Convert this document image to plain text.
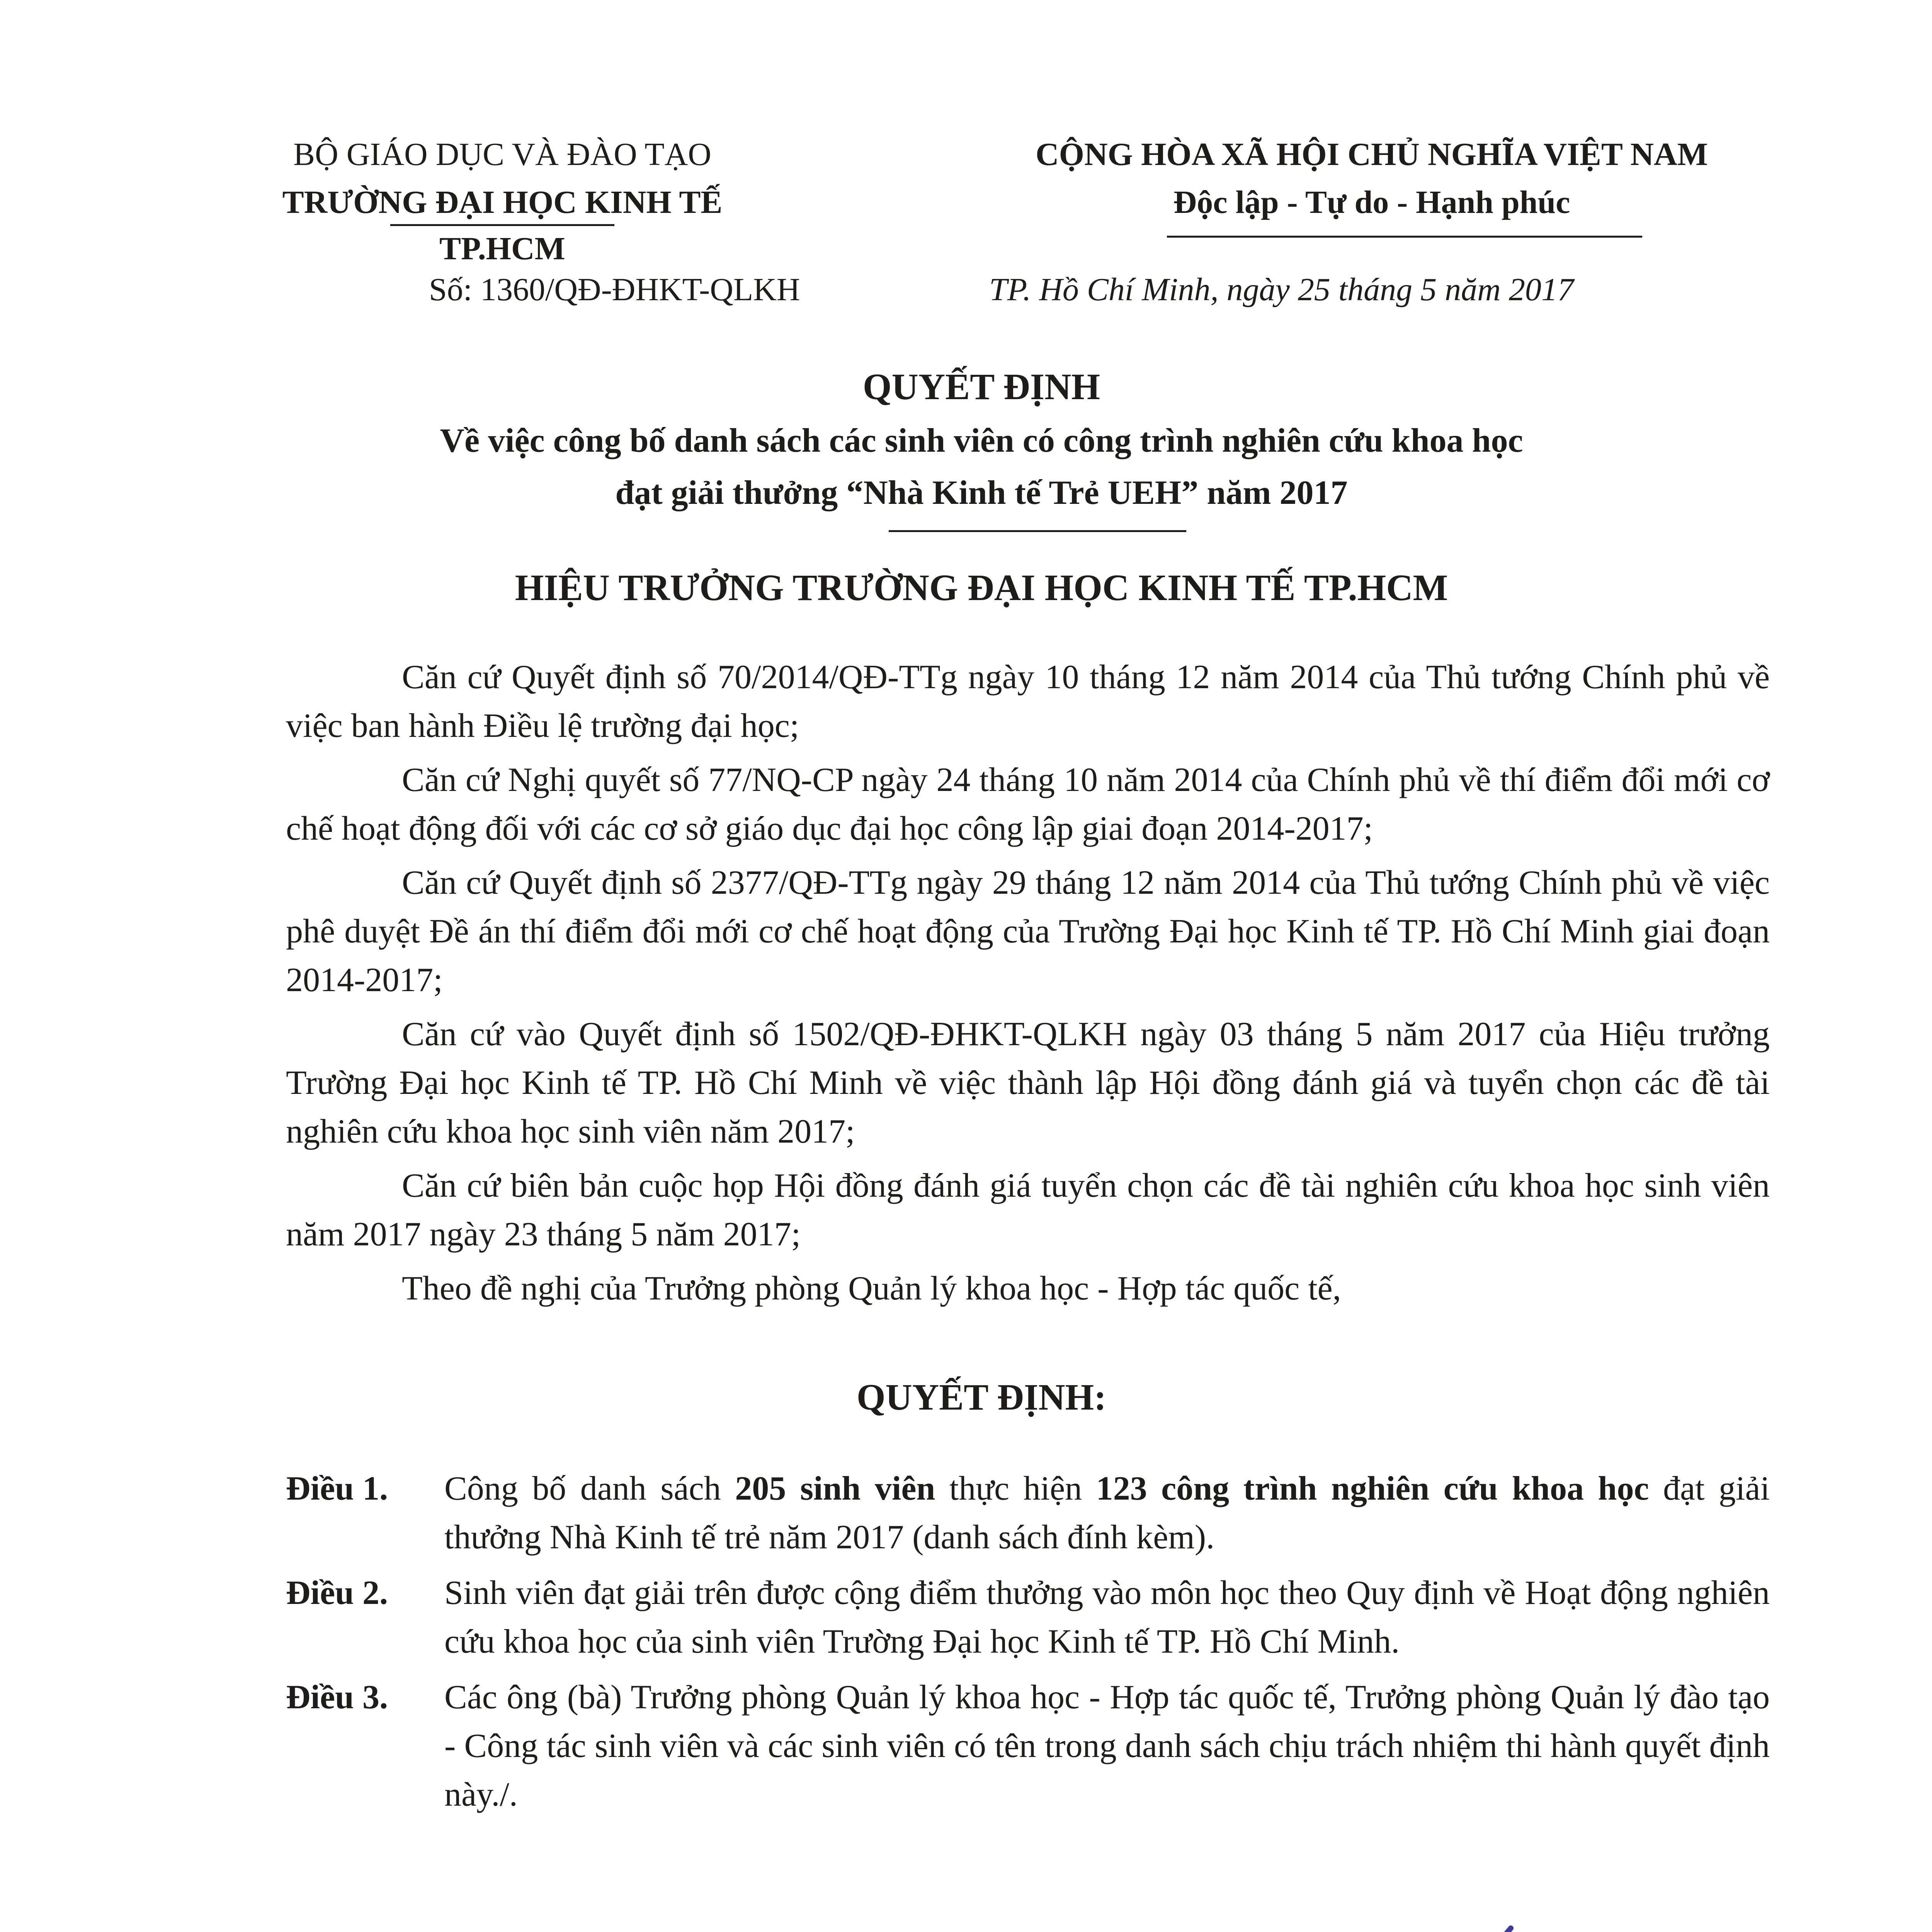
BỘ GIÁO DỤC VÀ ĐÀO TẠO
TRƯỜNG ĐẠI HỌC KINH TẾ TP.HCM
CỘNG HÒA XÃ HỘI CHỦ NGHĨA VIỆT NAM
Độc lập - Tự do - Hạnh phúc
Số: 1360/QĐ-ĐHKT-QLKH	TP. Hồ Chí Minh, ngày 25 tháng 5 năm 2017
QUYẾT ĐỊNH
Về việc công bố danh sách các sinh viên có công trình nghiên cứu khoa học
đạt giải thưởng “Nhà Kinh tế Trẻ UEH” năm 2017
HIỆU TRƯỞNG TRƯỜNG ĐẠI HỌC KINH TẾ TP.HCM

Căn cứ Quyết định số 70/2014/QĐ-TTg ngày 10 tháng 12 năm 2014 của Thủ tướng Chính phủ về việc ban hành Điều lệ trường đại học;

Căn cứ Nghị quyết số 77/NQ-CP ngày 24 tháng 10 năm 2014 của Chính phủ về thí điểm đổi mới cơ chế hoạt động đối với các cơ sở giáo dục đại học công lập giai đoạn 2014-2017;

Căn cứ Quyết định số 2377/QĐ-TTg ngày 29 tháng 12 năm 2014 của Thủ tướng Chính phủ về việc phê duyệt Đề án thí điểm đổi mới cơ chế hoạt động của Trường Đại học Kinh tế TP. Hồ Chí Minh giai đoạn 2014-2017;

Căn cứ vào Quyết định số 1502/QĐ-ĐHKT-QLKH ngày 03 tháng 5 năm 2017 của Hiệu trưởng Trường Đại học Kinh tế TP. Hồ Chí Minh về việc thành lập Hội đồng đánh giá và tuyển chọn các đề tài nghiên cứu khoa học sinh viên năm 2017;

Căn cứ biên bản cuộc họp Hội đồng đánh giá tuyển chọn các đề tài nghiên cứu khoa học sinh viên năm 2017 ngày 23 tháng 5 năm 2017;

Theo đề nghị của Trưởng phòng Quản lý khoa học - Hợp tác quốc tế,

QUYẾT ĐỊNH:
Điều 1.	Công bố danh sách 205 sinh viên thực hiện 123 công trình nghiên cứu khoa học đạt giải thưởng Nhà Kinh tế trẻ năm 2017 (danh sách đính kèm).
Điều 2.	Sinh viên đạt giải trên được cộng điểm thưởng vào môn học theo Quy định về Hoạt động nghiên cứu khoa học của sinh viên Trường Đại học Kinh tế TP. Hồ Chí Minh.
Điều 3.	Các ông (bà) Trưởng phòng Quản lý khoa học - Hợp tác quốc tế, Trưởng phòng Quản lý đào tạo - Công tác sinh viên và các sinh viên có tên trong danh sách chịu trách nhiệm thi hành quyết định này./.
